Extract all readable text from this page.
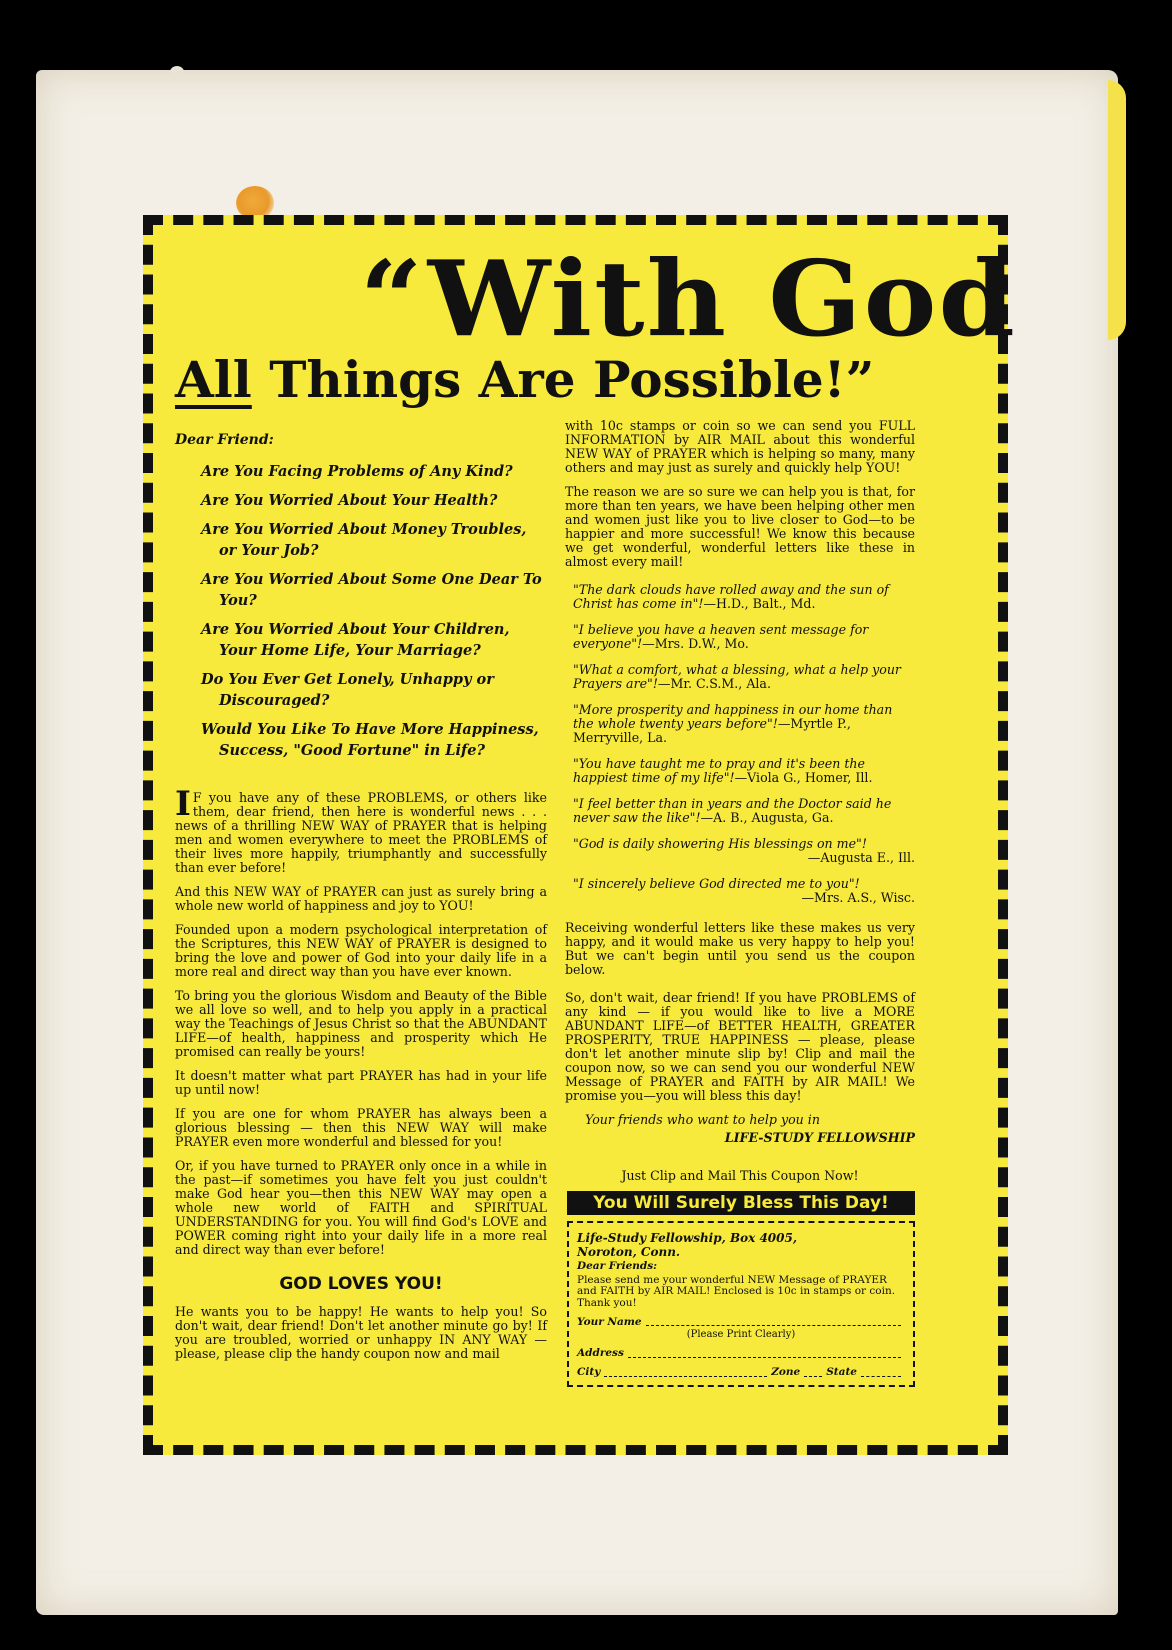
“With God
All Things Are Possible!”
Dear Friend:
Are You Facing Problems of Any Kind?
Are You Worried About Your Health?
Are You Worried About Money Troubles, or Your Job?
Are You Worried About Some One Dear To You?
Are You Worried About Your Children, Your Home Life, Your Marriage?
Do You Ever Get Lonely, Unhappy or Discouraged?
Would You Like To Have More Happiness, Success, "Good Fortune" in Life?

I F you have any of these PROBLEMS, or others like them, dear friend, then here is wonderful news . . . news of a thrilling NEW WAY of PRAYER that is helping men and women everywhere to meet the PROBLEMS of their lives more happily, triumphantly and successfully than ever before!

And this NEW WAY of PRAYER can just as surely bring a whole new world of happiness and joy to YOU!

Founded upon a modern psychological interpretation of the Scriptures, this NEW WAY of PRAYER is designed to bring the love and power of God into your daily life in a more real and direct way than you have ever known.

To bring you the glorious Wisdom and Beauty of the Bible we all love so well, and to help you apply in a practical way the Teachings of Jesus Christ so that the ABUNDANT LIFE—of health, happiness and prosperity which He promised can really be yours!

It doesn't matter what part PRAYER has had in your life up until now!

If you are one for whom PRAYER has always been a glorious blessing — then this NEW WAY will make PRAYER even more wonderful and blessed for you!

Or, if you have turned to PRAYER only once in a while in the past—if sometimes you have felt you just couldn't make God hear you—then this NEW WAY may open a whole new world of FAITH and SPIRITUAL UNDERSTANDING for you. You will find God's LOVE and POWER coming right into your daily life in a more real and direct way than ever before!

GOD LOVES YOU!

He wants you to be happy! He wants to help you! So don't wait, dear friend! Don't let another minute go by! If you are troubled, worried or unhappy IN ANY WAY —please, please clip the handy coupon now and mail

with 10c stamps or coin so we can send you FULL INFORMATION by AIR MAIL about this wonderful NEW WAY of PRAYER which is helping so many, many others and may just as surely and quickly help YOU!

The reason we are so sure we can help you is that, for more than ten years, we have been helping other men and women just like you to live closer to God—to be happier and more successful! We know this because we get wonderful, wonderful letters like these in almost every mail!

"The dark clouds have rolled away and the sun of Christ has come in"!—H.D., Balt., Md.
"I believe you have a heaven sent message for everyone"!—Mrs. D.W., Mo.
"What a comfort, what a blessing, what a help your Prayers are"!—Mr. C.S.M., Ala.
"More prosperity and happiness in our home than the whole twenty years before"!—Myrtle P., Merryville, La.
"You have taught me to pray and it's been the happiest time of my life"!—Viola G., Homer, Ill.
"I feel better than in years and the Doctor said he never saw the like"!—A. B., Augusta, Ga.
"God is daily showering His blessings on me"!
—Augusta E., Ill.
"I sincerely believe God directed me to you"!
—Mrs. A.S., Wisc.

Receiving wonderful letters like these makes us very happy, and it would make us very happy to help you! But we can't begin until you send us the coupon below.

So, don't wait, dear friend! If you have PROBLEMS of any kind — if you would like to live a MORE ABUNDANT LIFE—of BETTER HEALTH, GREATER PROSPERITY, TRUE HAPPINESS — please, please don't let another minute slip by! Clip and mail the coupon now, so we can send you our wonderful NEW Message of PRAYER and FAITH by AIR MAIL! We promise you—you will bless this day!

Your friends who want to help you in
LIFE-STUDY FELLOWSHIP
Just Clip and Mail This Coupon Now!
You Will Surely Bless This Day!
Life-Study Fellowship, Box 4005,
Noroton, Conn.
Dear Friends:
Please send me your wonderful NEW Message of PRAYER and FAITH by AIR MAIL! Enclosed is 10c in stamps or coin. Thank you!
Your Name
(Please Print Clearly)
Address
City	Zone State
